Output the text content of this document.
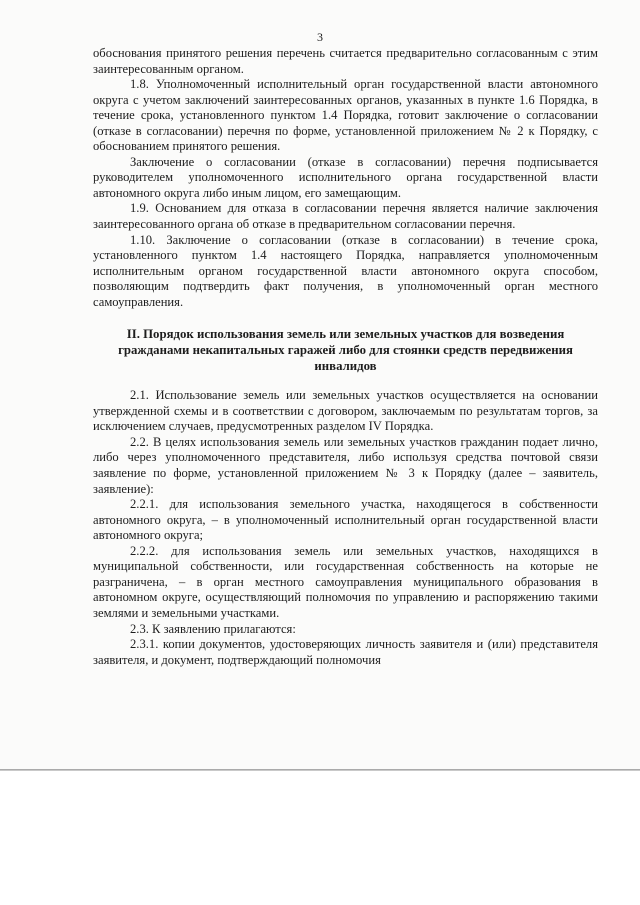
3

обоснования принятого решения перечень считается предварительно согласованным с этим заинтересованным органом.

1.8. Уполномоченный исполнительный орган государственной власти автономного округа с учетом заключений заинтересованных органов, указанных в пункте 1.6 Порядка, в течение срока, установленного пунктом 1.4 Порядка, готовит заключение о согласовании (отказе в согласовании) перечня по форме, установленной приложением № 2 к Порядку, с обоснованием принятого решения.

Заключение о согласовании (отказе в согласовании) перечня подписывается руководителем уполномоченного исполнительного органа государственной власти автономного округа либо иным лицом, его замещающим.

1.9. Основанием для отказа в согласовании перечня является наличие заключения заинтересованного органа об отказе в предварительном согласовании перечня.

1.10. Заключение о согласовании (отказе в согласовании) в течение срока, установленного пунктом 1.4 настоящего Порядка, направляется уполномоченным исполнительным органом государственной власти автономного округа способом, позволяющим подтвердить факт получения, в уполномоченный орган местного самоуправления.

II. Порядок использования земель или земельных участков для возведения гражданами некапитальных гаражей либо для стоянки средств передвижения инвалидов

2.1. Использование земель или земельных участков осуществляется на основании утвержденной схемы и в соответствии с договором, заключаемым по результатам торгов, за исключением случаев, предусмотренных разделом IV Порядка.

2.2. В целях использования земель или земельных участков гражданин подает лично, либо через уполномоченного представителя, либо используя средства почтовой связи заявление по форме, установленной приложением № 3 к Порядку (далее – заявитель, заявление):

2.2.1. для использования земельного участка, находящегося в собственности автономного округа, – в уполномоченный исполнительный орган государственной власти автономного округа;

2.2.2. для использования земель или земельных участков, находящихся в муниципальной собственности, или государственная собственность на которые не разграничена, – в орган местного самоуправления муниципального образования в автономном округе, осуществляющий полномочия по управлению и распоряжению такими землями и земельными участками.

2.3. К заявлению прилагаются:

2.3.1. копии документов, удостоверяющих личность заявителя и (или) представителя заявителя, и документ, подтверждающий полномочия
